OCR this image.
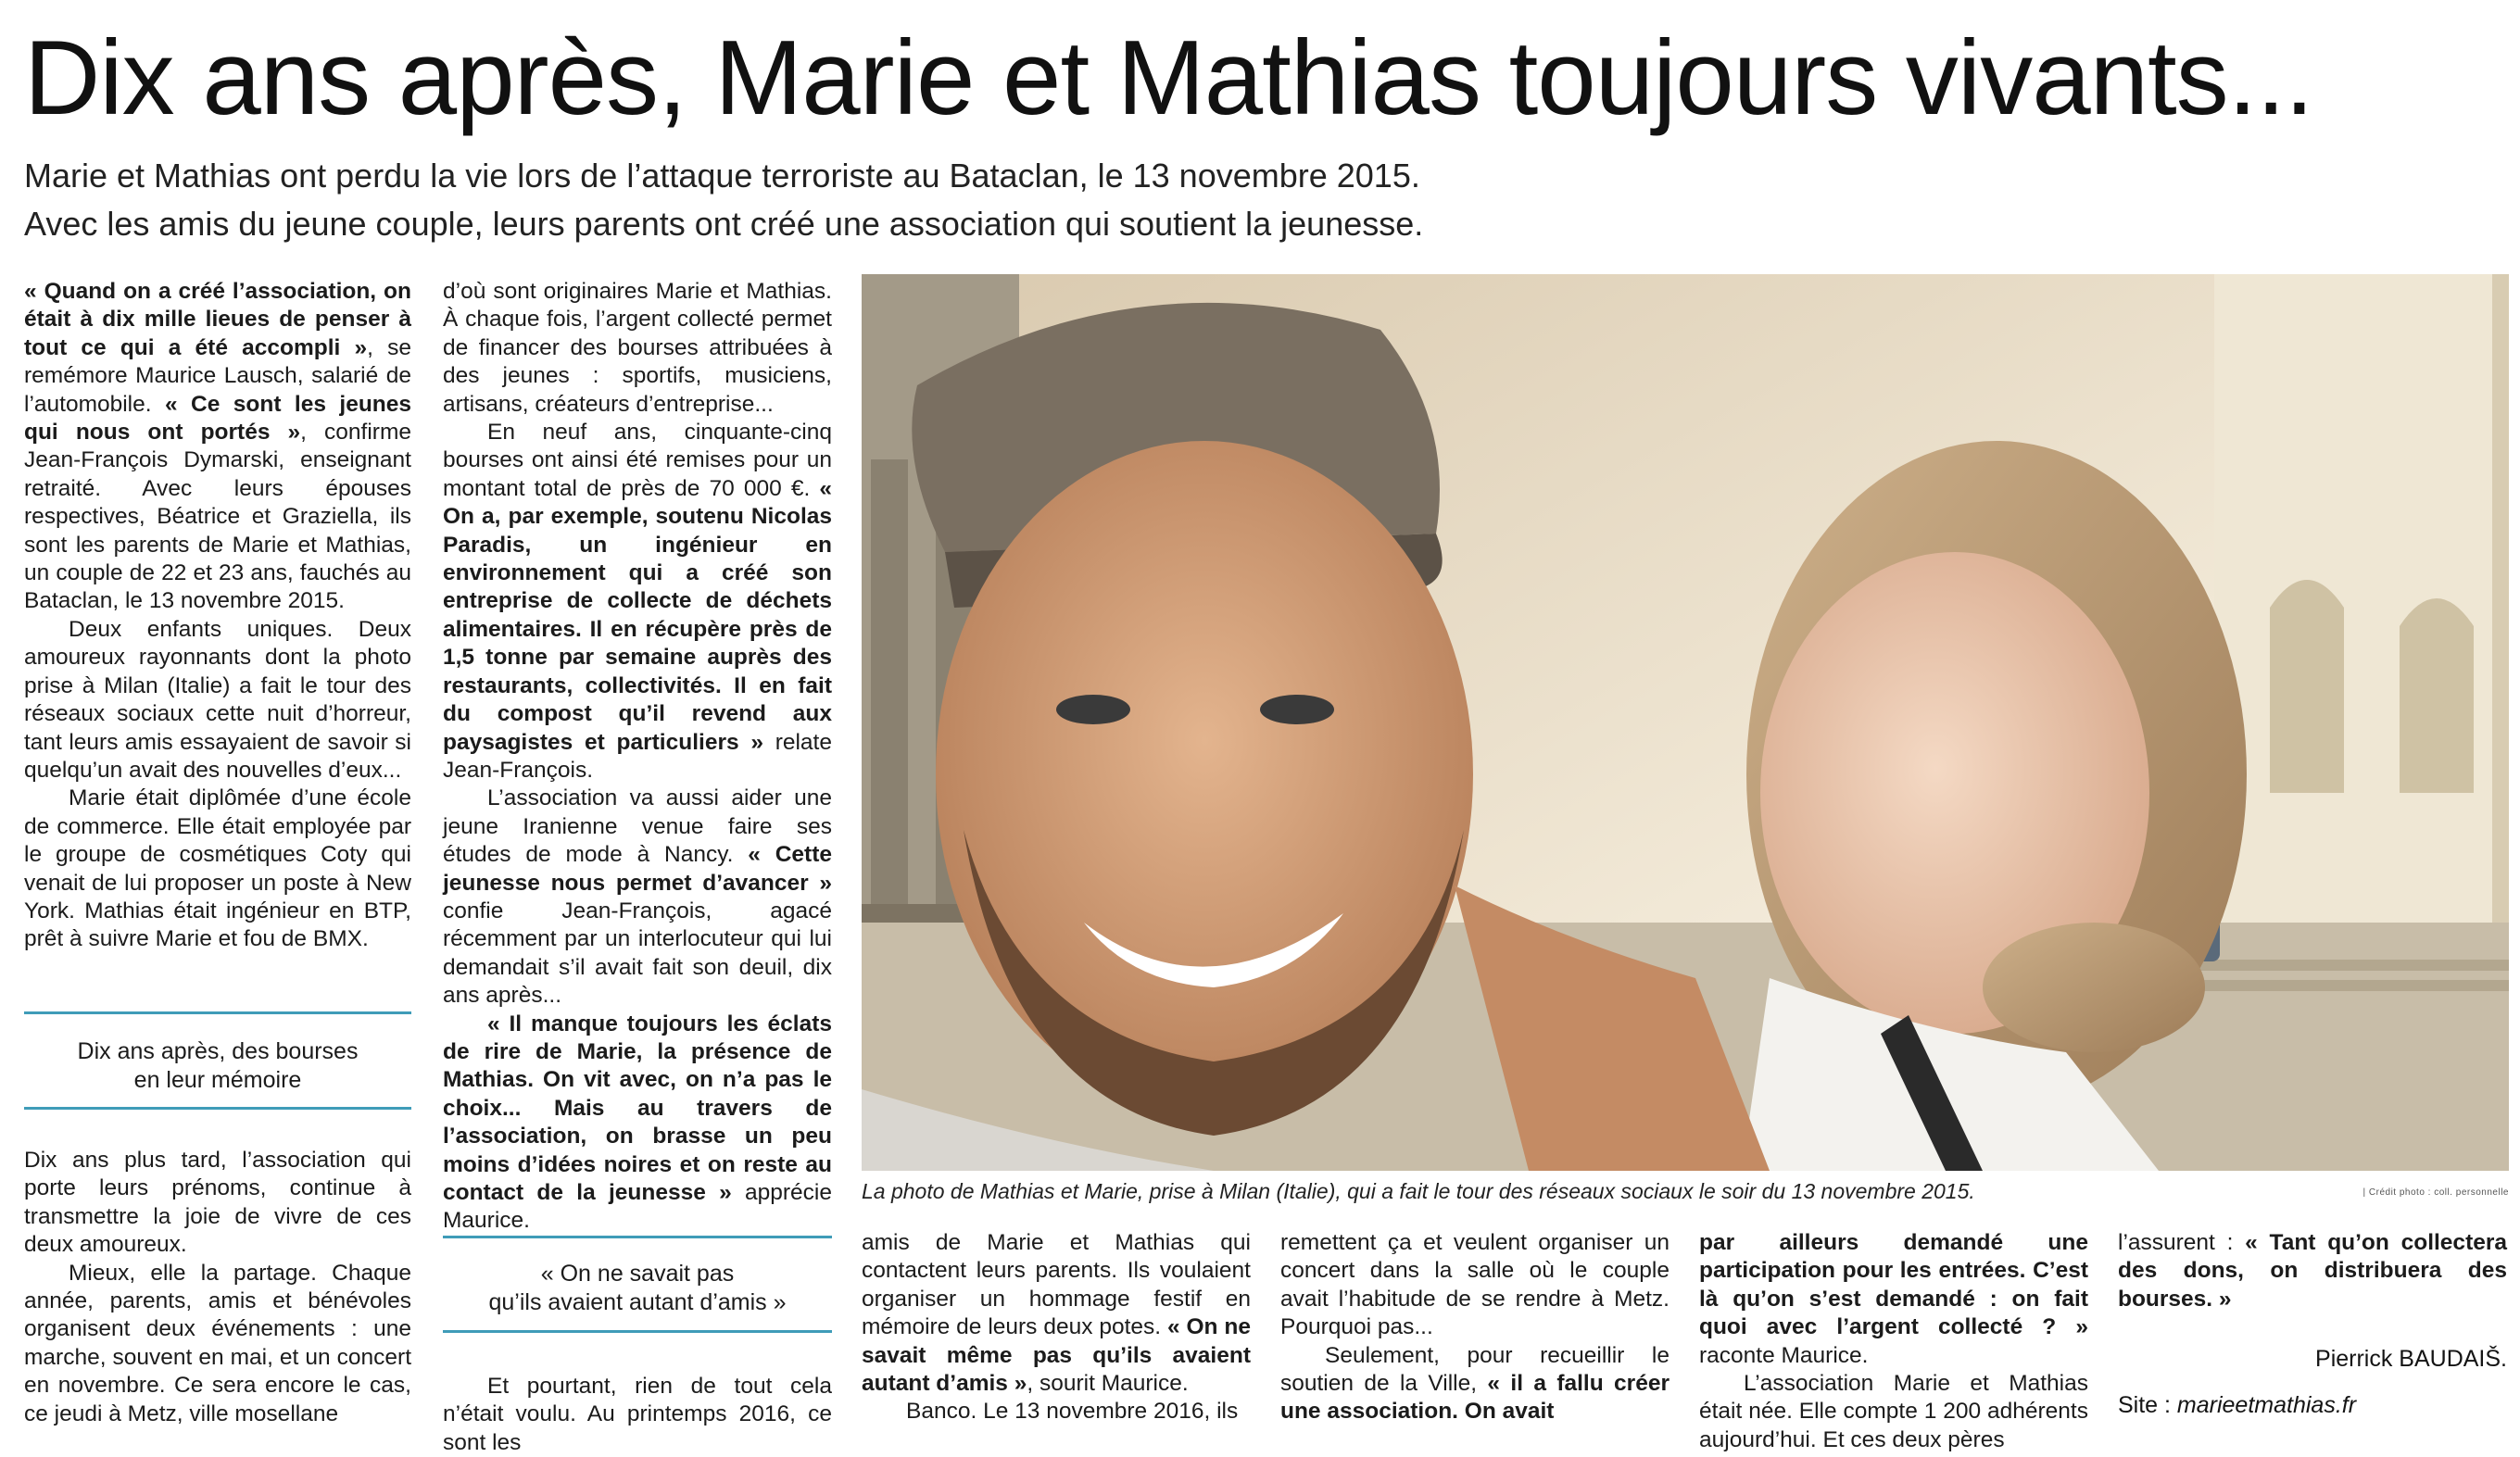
Dix ans après, Marie et Mathias toujours vivants...
Marie et Mathias ont perdu la vie lors de l’attaque terroriste au Bataclan, le 13 novembre 2015.
Avec les amis du jeune couple, leurs parents ont créé une association qui soutient la jeunesse.

« Quand on a créé l’association, on était à dix mille lieues de penser à tout ce qui a été accompli », se remémore Maurice Lausch, salarié de l’automobile. « Ce sont les jeunes qui nous ont portés », confirme Jean-François Dymarski, enseignant retraité. Avec leurs épouses respectives, Béatrice et Graziella, ils sont les parents de Marie et Mathias, un couple de 22 et 23 ans, fauchés au Bataclan, le 13 novembre 2015.

Deux enfants uniques. Deux amoureux rayonnants dont la photo prise à Milan (Italie) a fait le tour des réseaux sociaux cette nuit d’horreur, tant leurs amis essayaient de savoir si quelqu’un avait des nouvelles d’eux...

Marie était diplômée d’une école de commerce. Elle était employée par le groupe de cosmétiques Coty qui venait de lui proposer un poste à New York. Mathias était ingénieur en BTP, prêt à suivre Marie et fou de BMX.

Dix ans après, des bourses
en leur mémoire

Dix ans plus tard, l’association qui porte leurs prénoms, continue à transmettre la joie de vivre de ces deux amoureux.

Mieux, elle la partage. Chaque année, parents, amis et bénévoles organisent deux événements : une marche, souvent en mai, et un concert en novembre. Ce sera encore le cas, ce jeudi à Metz, ville mosellane

d’où sont originaires Marie et Mathias. À chaque fois, l’argent collecté permet de financer des bourses attribuées à des jeunes : sportifs, musiciens, artisans, créateurs d’entreprise...

En neuf ans, cinquante-cinq bourses ont ainsi été remises pour un montant total de près de 70 000 €. « On a, par exemple, soutenu Nicolas Paradis, un ingénieur en environnement qui a créé son entreprise de collecte de déchets alimentaires. Il en récupère près de 1,5 tonne par semaine auprès des restaurants, collectivités. Il en fait du compost qu’il revend aux paysagistes et particuliers » relate Jean-François.

L’association va aussi aider une jeune Iranienne venue faire ses études de mode à Nancy. « Cette jeunesse nous permet d’avancer » confie Jean-François, agacé récemment par un interlocuteur qui lui demandait s’il avait fait son deuil, dix ans après...

« Il manque toujours les éclats de rire de Marie, la présence de Mathias. On vit avec, on n’a pas le choix... Mais au travers de l’association, on brasse un peu moins d’idées noires et on reste au contact de la jeunesse » apprécie Maurice.

« On ne savait pas
qu’ils avaient autant d’amis »

Et pourtant, rien de tout cela n’était voulu. Au printemps 2016, ce sont les

La photo de Mathias et Marie, prise à Milan (Italie), qui a fait le tour des réseaux sociaux le soir du 13 novembre 2015.	| Crédit photo : coll. personnelle

amis de Marie et Mathias qui contactent leurs parents. Ils voulaient organiser un hommage festif en mémoire de leurs deux potes. « On ne savait même pas qu’ils avaient autant d’amis », sourit Maurice.

Banco. Le 13 novembre 2016, ils

remettent ça et veulent organiser un concert dans la salle où le couple avait l’habitude de se rendre à Metz. Pourquoi pas...

Seulement, pour recueillir le soutien de la Ville, « il a fallu créer une association. On avait

par ailleurs demandé une participation pour les entrées. C’est là qu’on s’est demandé : on fait quoi avec l’argent collecté ? » raconte Maurice.

L’association Marie et Mathias était née. Elle compte 1 200 adhérents aujourd’hui. Et ces deux pères

l’assurent : « Tant qu’on collectera des dons, on distribuera des bourses. »

Pierrick BAUDAIŠ.
Site : marieetmathias.fr
